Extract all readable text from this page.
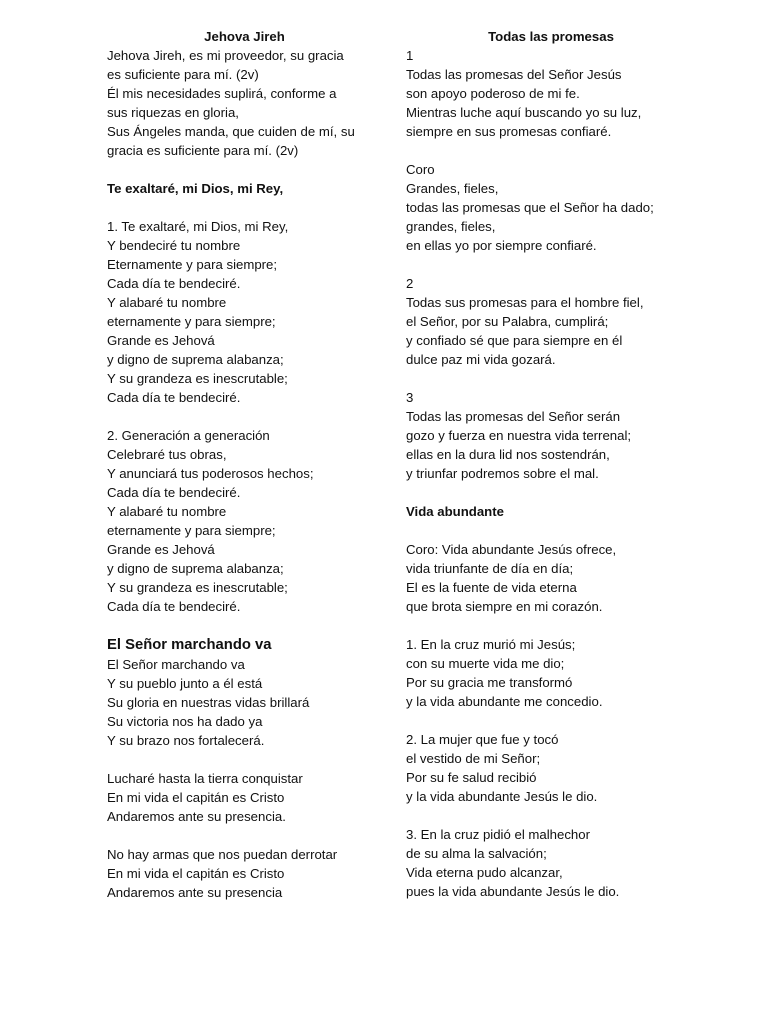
Jehova Jireh
Jehova Jireh, es mi proveedor, su gracia
es suficiente para mí. (2v)
Él mis necesidades suplirá, conforme a
sus riquezas en gloria,
Sus Ángeles manda, que cuiden de mí, su
gracia es suficiente para mí. (2v)
Te exaltaré, mi Dios, mi Rey,
1. Te exaltaré, mi Dios, mi Rey,
Y bendeciré tu nombre
Eternamente y para siempre;
Cada día te bendeciré.
Y alabaré tu nombre
eternamente y para siempre;
Grande es Jehová
y digno de suprema alabanza;
Y su grandeza es inescrutable;
Cada día te bendeciré.
2. Generación a generación
Celebraré tus obras,
Y anunciará tus poderosos hechos;
Cada día te bendeciré.
Y alabaré tu nombre
eternamente y para siempre;
Grande es Jehová
y digno de suprema alabanza;
Y su grandeza es inescrutable;
Cada día te bendeciré.
El Señor marchando va
El Señor marchando va
Y su pueblo junto a él está
Su gloria en nuestras vidas brillará
Su victoria nos ha dado ya
Y su brazo nos fortalecerá.
Lucharé hasta la tierra conquistar
En mi vida el capitán es Cristo
Andaremos ante su presencia.
No hay armas que nos puedan derrotar
En mi vida el capitán es Cristo
Andaremos ante su presencia
Todas las promesas
1
Todas las promesas del Señor Jesús
son apoyo poderoso de mi fe.
Mientras luche aquí buscando yo su luz,
siempre en sus promesas confiaré.
Coro
Grandes, fieles,
todas las promesas que el Señor ha dado;
grandes, fieles,
en ellas yo por siempre confiaré.
2
Todas sus promesas para el hombre fiel,
el Señor, por su Palabra, cumplirá;
y confiado sé que para siempre en él
dulce paz mi vida gozará.
3
Todas las promesas del Señor serán
gozo y fuerza en nuestra vida terrenal;
ellas en la dura lid nos sostendrán,
y triunfar podremos sobre el mal.
Vida abundante
Coro: Vida abundante Jesús ofrece,
vida triunfante de día en día;
El es la fuente de vida eterna
que brota siempre en mi corazón.
1. En la cruz murió mi Jesús;
con su muerte vida me dio;
Por su gracia me transformó
y la vida abundante me concedio.
2. La mujer que fue y tocó
el vestido de mi Señor;
Por su fe salud recibió
y la vida abundante Jesús le dio.
3. En la cruz pidió el malhechor
de su alma la salvación;
Vida eterna pudo alcanzar,
pues la vida abundante Jesús le dio.
